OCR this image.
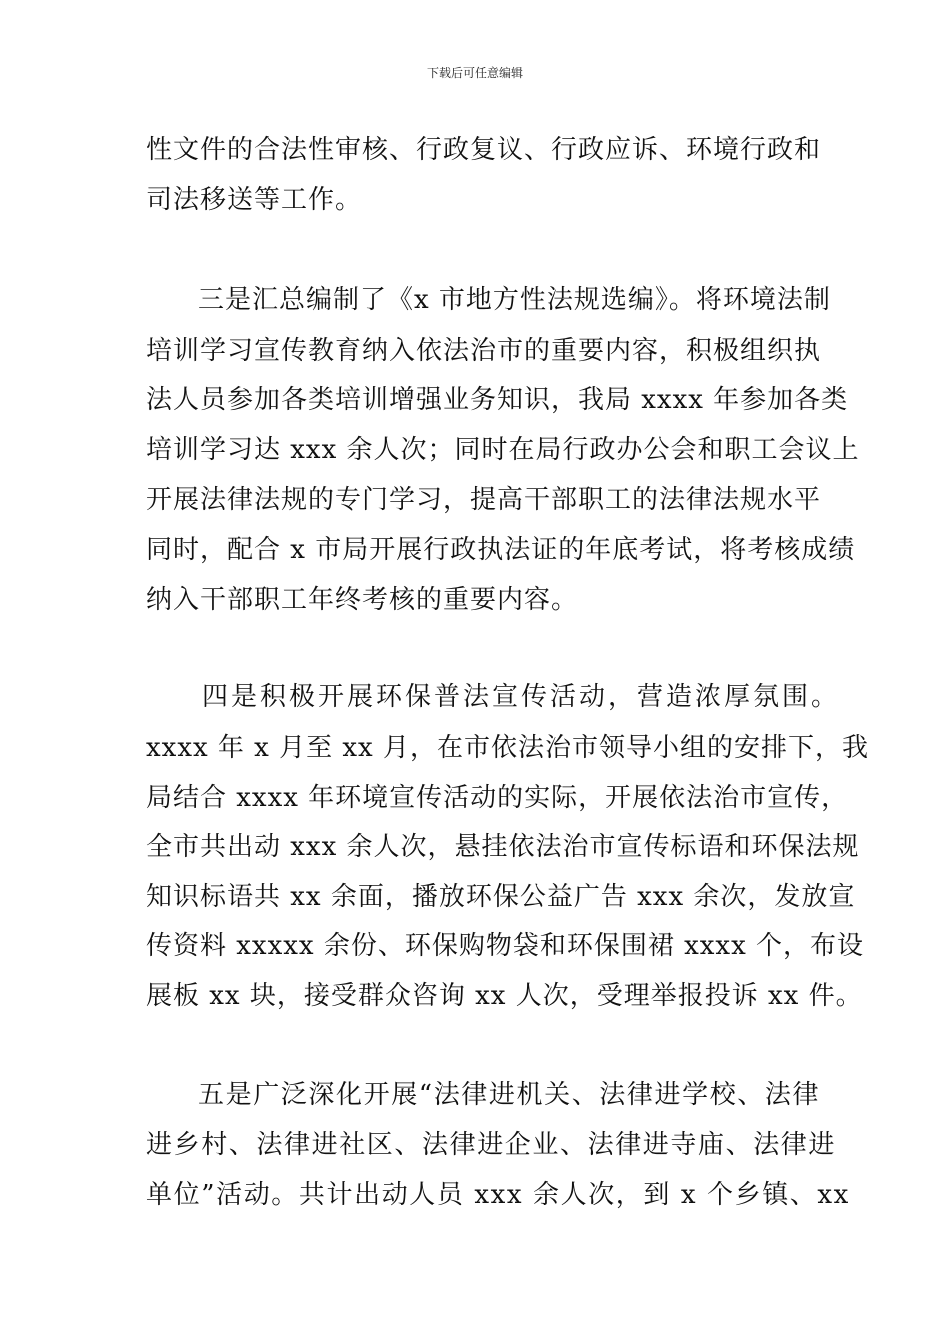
下载后可任意编辑
性文件的合法性审核、行政复议、行政应诉、环境行政和
司法移送等工作。
三是汇总编制了《x 市地方性法规选编》。将环境法制
培训学习宣传教育纳入依法治市的重要内容，积极组织执
法人员参加各类培训增强业务知识，我局 xxxx 年参加各类
培训学习达 xxx 余人次；同时在局行政办公会和职工会议上
开展法律法规的专门学习，提高干部职工的法律法规水平
同时，配合 x 市局开展行政执法证的年底考试，将考核成绩
纳入干部职工年终考核的重要内容。
四是积极开展环保普法宣传活动，营造浓厚氛围。
xxxx 年 x 月至 xx 月，在市依法治市领导小组的安排下，我
局结合 xxxx 年环境宣传活动的实际，开展依法治市宣传，
全市共出动 xxx 余人次，悬挂依法治市宣传标语和环保法规
知识标语共 xx 余面，播放环保公益广告 xxx 余次，发放宣
传资料 xxxxx 余份、环保购物袋和环保围裙 xxxx 个，布设
展板 xx 块，接受群众咨询 xx 人次，受理举报投诉 xx 件。
五是广泛深化开展“法律进机关、法律进学校、法律
进乡村、法律进社区、法律进企业、法律进寺庙、法律进
单位”活动。共计出动人员 xxx 余人次，到 x 个乡镇、xx
